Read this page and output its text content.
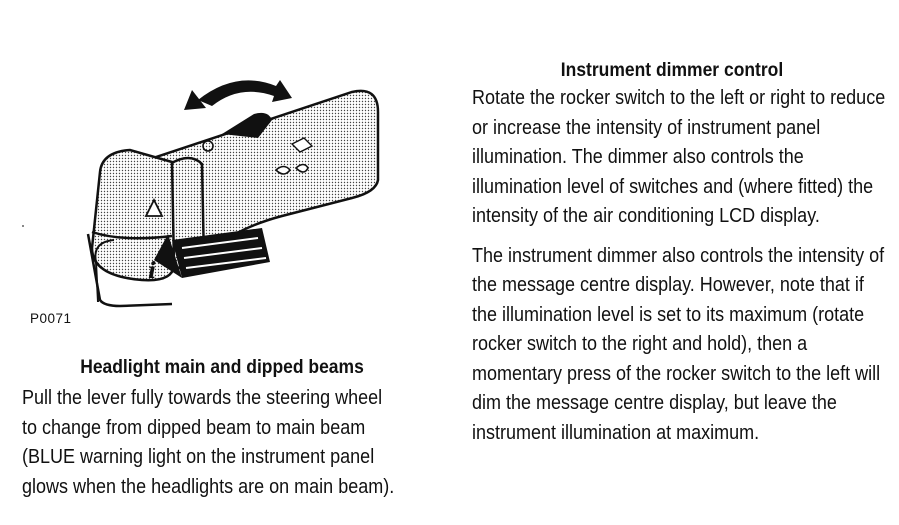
i
P0071
Headlight main and dipped beams

Pull the lever fully towards the steering wheel to change from dipped beam to main beam (BLUE warning light on the instrument panel glows when the headlights are on main beam).

Instrument dimmer control

Rotate the rocker switch to the left or right to reduce or increase the intensity of instrument panel illumination. The dimmer also controls the illumination level of switches and (where fitted) the intensity of the air conditioning LCD display.

The instrument dimmer also controls the intensity of the message centre display. However, note that if the illumination level is set to its maximum (rotate rocker switch to the right and hold), then a momentary press of the rocker switch to the left will dim the message centre display, but leave the instrument illumination at maximum.
